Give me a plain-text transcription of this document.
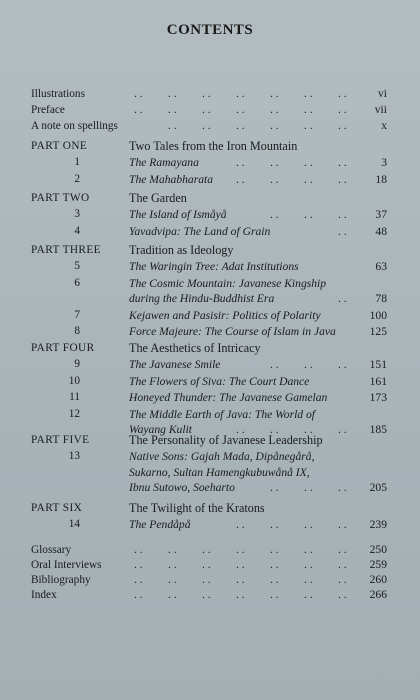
CONTENTS
Illustrations	. . . . . . . . . . . . . .	vi
Preface	. . . . . . . . . . . . . . vii
A note on spellings	. . . . . . . . . . . .	x
PART ONE	Two Tales from the Iron Mountain
1	The Ramayana	. . . . . . . .	3
2	The Mahabharata . . . . . . . . 18
PART TWO	The Garden
3	The Island of Ismåyå	. . . . . . 37
4	Yavadvipa: The Land of Grain	. . 48
PART THREE Tradition as Ideology
5	The Waringin Tree: Adat Institutions	63
6	The Cosmic Mountain: Javanese Kingship
during the Hindu-Buddhist Era	. . 78
7	Kejawen and Pasisir: Politics of Polarity	100
8	Force Majeure: The Course of Islam in Java	125
PART FOUR	The Aesthetics of Intricacy
9	The Javanese Smile	. . . . . . 151
10	The Flowers of Siva: The Court Dance	161
11	Honeyed Thunder: The Javanese Gamelan	173
12	The Middle Earth of Java: The World of
Wayang Kulit	. . . . . . . . 185
PART FIVE	The Personality of Javanese Leadership
13	Native Sons: Gajah Mada, Dipånegårå,
Sukarno, Sultan Hamengkubuwånå IX,
Ibnu Sutowo, Soeharto	. . . . . . 205
PART SIX	The Twilight of the Kratons
14	The Pendåpå	. . . . . . . . 239
Glossary	. . . . . . . . . . . . . . 250
Oral Interviews	. . . . . . . . . . . . . . 259
Bibliography	. . . . . . . . . . . . . . 260
Index	. . . . . . . . . . . . . . 266
